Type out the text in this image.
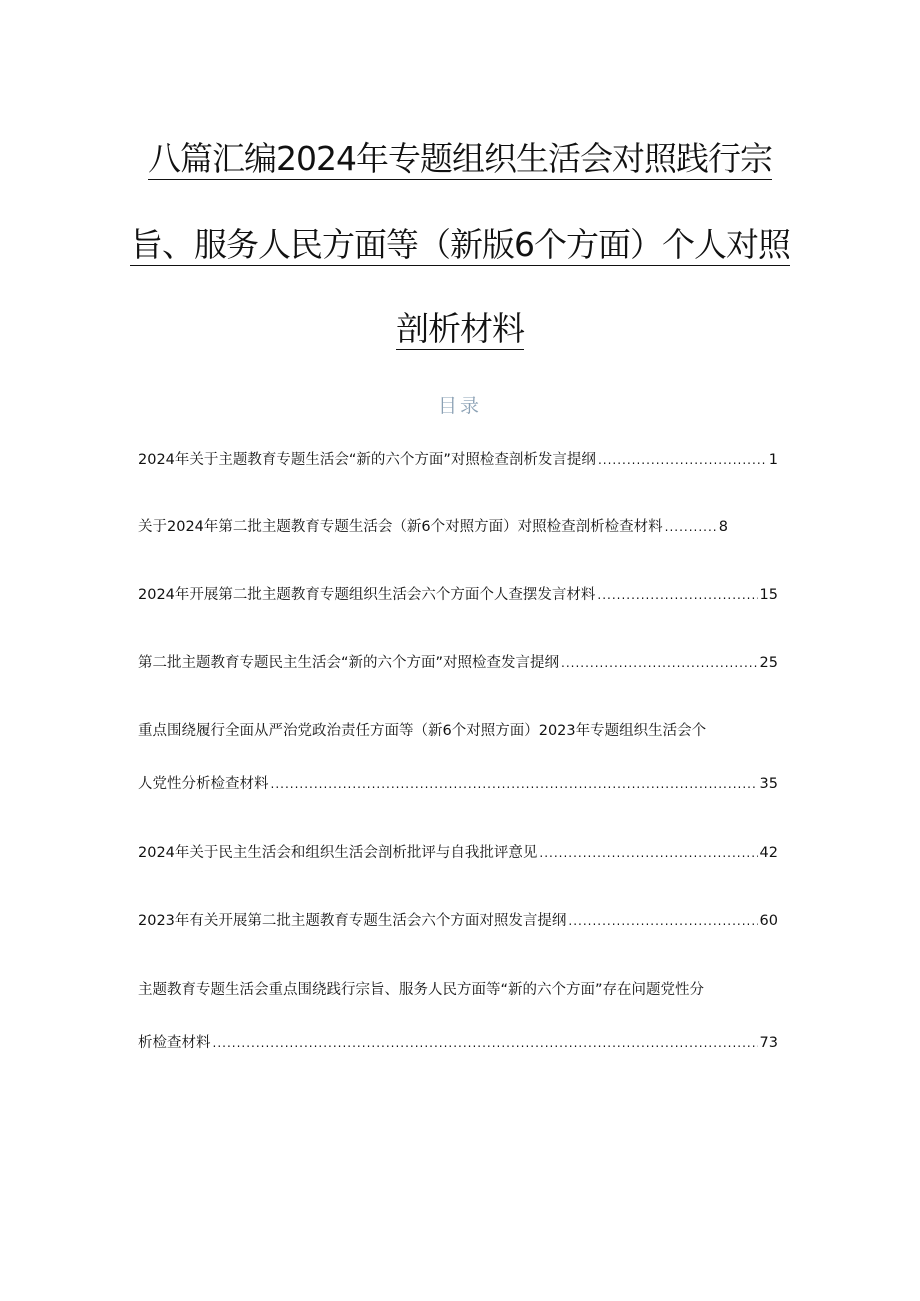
八篇汇编2024年专题组织生活会对照践行宗
旨、服务人民方面等（新版6个方面）个人对照
剖析材料
目录
2024年关于主题教育专题生活会“新的六个方面”对照检查剖析发言提纲 .....	1
关于2024年第二批主题教育专题生活会（新6个对照方面）对照检查剖析检查材料 .....	8
2024年开展第二批主题教育专题组织生活会六个方面个人查摆发言材料 .....	15
第二批主题教育专题民主生活会“新的六个方面”对照检查发言提纲 .....	25
重点围绕履行全面从严治党政治责任方面等（新6个对照方面）2023年专题组织生活会个
人党性分析检查材料 .....	35
2024年关于民主生活会和组织生活会剖析批评与自我批评意见 .....	42
2023年有关开展第二批主题教育专题生活会六个方面对照发言提纲 .....	60
主题教育专题生活会重点围绕践行宗旨、服务人民方面等“新的六个方面”存在问题党性分
析检查材料 .....	73
